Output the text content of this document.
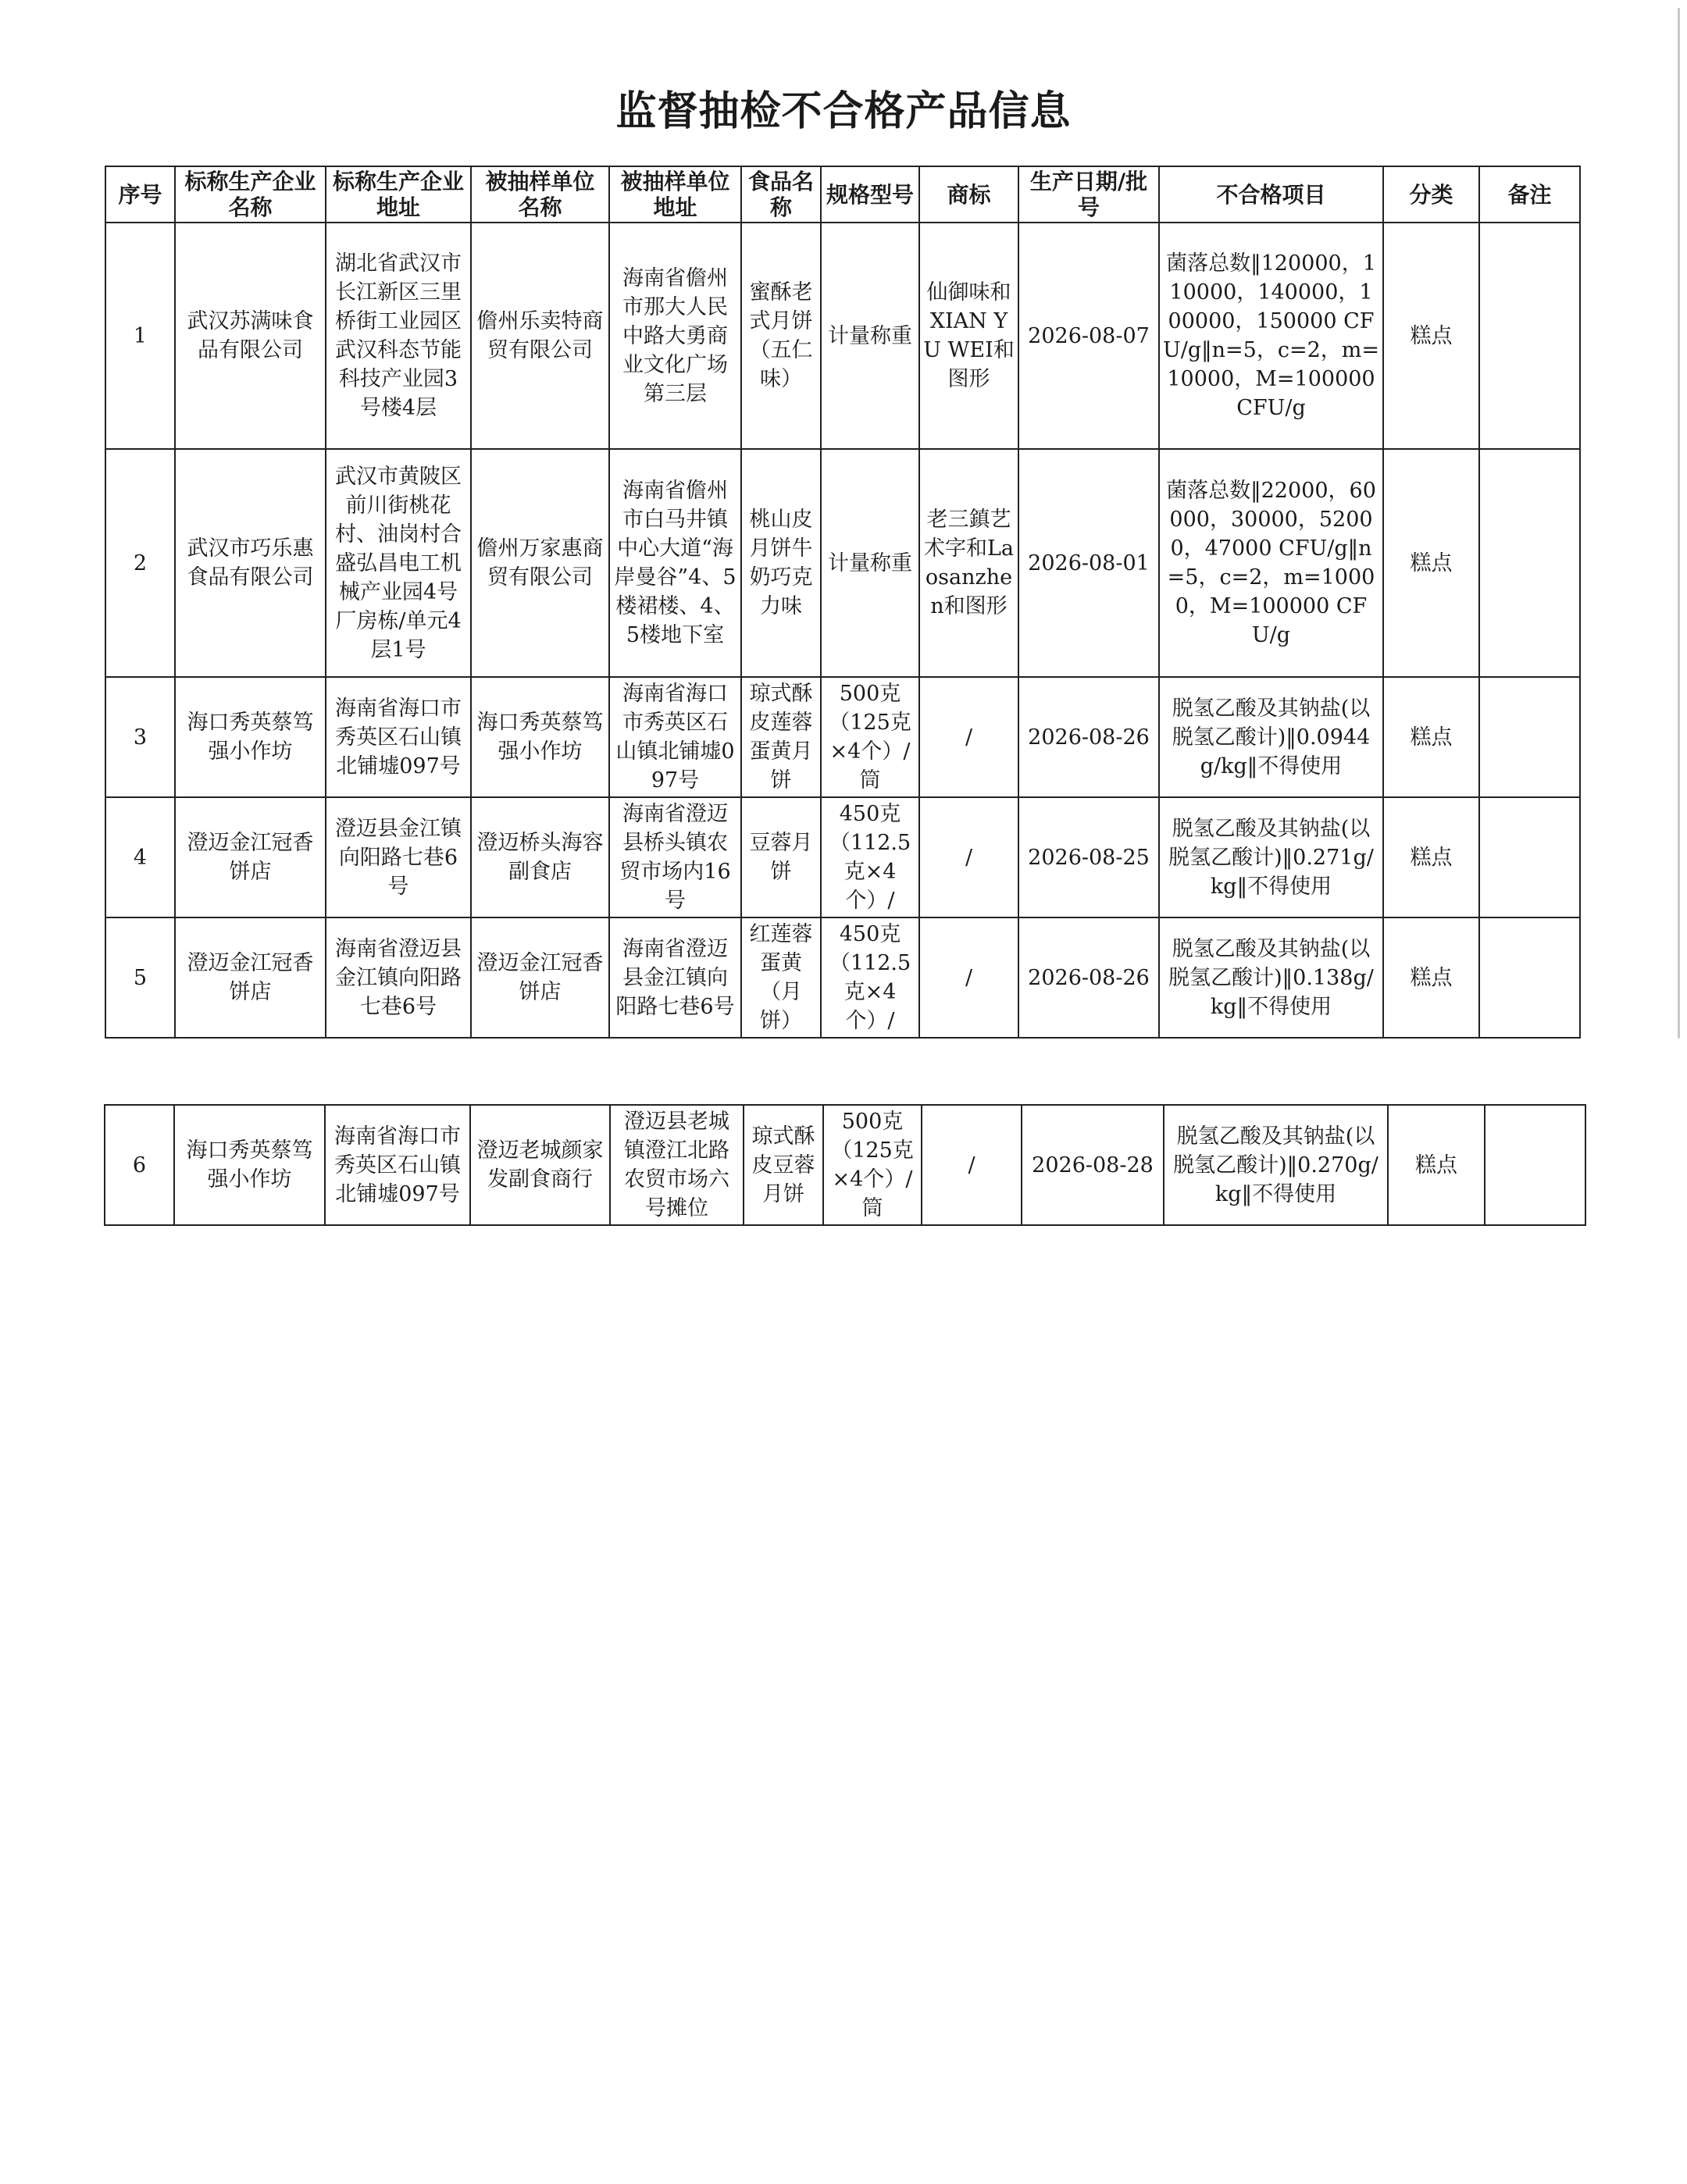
监督抽检不合格产品信息
序号	标称生产企业名称	标称生产企业地址	被抽样单位名称	被抽样单位地址	食品名称	规格型号	商标	生产日期/批号	不合格项目	分类	备注
1	武汉苏满味食品有限公司	湖北省武汉市长江新区三里桥街工业园区武汉科态节能科技产业园3号楼4层	儋州乐卖特商贸有限公司	海南省儋州市那大人民中路大勇商业文化广场第三层	蜜酥老式月饼（五仁味）	计量称重	仙御味和XIAN YU WEI和图形	2026-08-07	菌落总数‖120000，110000，140000，100000，150000 CFU/g‖n=5，c=2，m=10000，M=100000 CFU/g	糕点	
2	武汉市巧乐惠食品有限公司	武汉市黄陂区前川街桃花村、油岗村合盛弘昌电工机械产业园4号厂房栋/单元4层1号	儋州万家惠商贸有限公司	海南省儋州市白马井镇中心大道“海岸曼谷”4、5楼裙楼、4、5楼地下室	桃山皮月饼牛奶巧克力味	计量称重	老三鎮艺术字和Laosanzhen和图形	2026-08-01	菌落总数‖22000，60000，30000，52000，47000 CFU/g‖n=5，c=2，m=10000，M=100000 CFU/g	糕点	
3	海口秀英蔡笃强小作坊	海南省海口市秀英区石山镇北铺墟097号	海口秀英蔡笃强小作坊	海南省海口市秀英区石山镇北铺墟097号	琼式酥皮莲蓉蛋黄月饼	500克（125克×4个）/筒	/	2026-08-26	脱氢乙酸及其钠盐(以脱氢乙酸计)‖0.0944g/kg‖不得使用	糕点	
4	澄迈金江冠香饼店	澄迈县金江镇向阳路七巷6号	澄迈桥头海容副食店	海南省澄迈县桥头镇农贸市场内16号	豆蓉月饼	450克（112.5克×4个）/	/	2026-08-25	脱氢乙酸及其钠盐(以脱氢乙酸计)‖0.271g/kg‖不得使用	糕点	
5	澄迈金江冠香饼店	海南省澄迈县金江镇向阳路七巷6号	澄迈金江冠香饼店	海南省澄迈县金江镇向阳路七巷6号	红莲蓉蛋黄（月饼）	450克（112.5克×4个）/	/	2026-08-26	脱氢乙酸及其钠盐(以脱氢乙酸计)‖0.138g/kg‖不得使用	糕点	
6	海口秀英蔡笃强小作坊	海南省海口市秀英区石山镇北铺墟097号	澄迈老城颜家发副食商行	澄迈县老城镇澄江北路农贸市场六号摊位	琼式酥皮豆蓉月饼	500克（125克×4个）/筒	/	2026-08-28	脱氢乙酸及其钠盐(以脱氢乙酸计)‖0.270g/kg‖不得使用	糕点	
